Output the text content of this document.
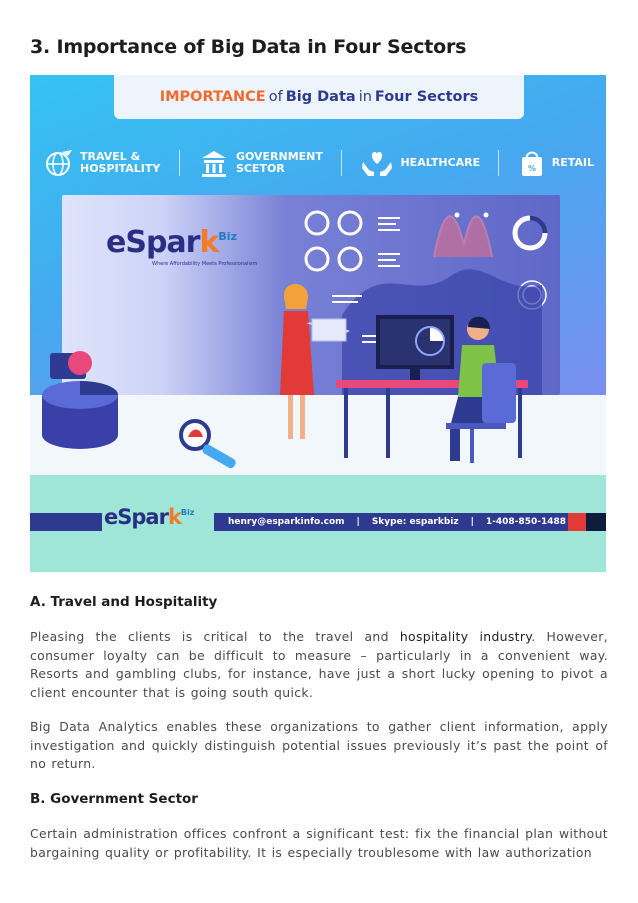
3. Importance of Big Data in Four Sectors
IMPORTANCE of Big Data in Four Sectors
TRAVEL &
HOSPITALITY
GOVERNMENT
SCETOR	HEALTHCARE	% RETAIL
eSpark$^{Biz}$
Where Affordability Meets Professionalism
henry@esparkinfo.com | Skype: esparkbiz | 1-408-850-1488
eSpark$^{Biz}$
A. Travel and Hospitality

Pleasing the clients is critical to the travel and hospitality industry. However, consumer loyalty can be difficult to measure – particularly in a convenient way. Resorts and gambling clubs, for instance, have just a short lucky opening to pivot a client encounter that is going south quick.

Big Data Analytics enables these organizations to gather client information, apply investigation and quickly distinguish potential issues previously it’s past the point of no return.

B. Government Sector

Certain administration offices confront a significant test: fix the financial plan without bargaining quality or profitability. It is especially troublesome with law authorization
